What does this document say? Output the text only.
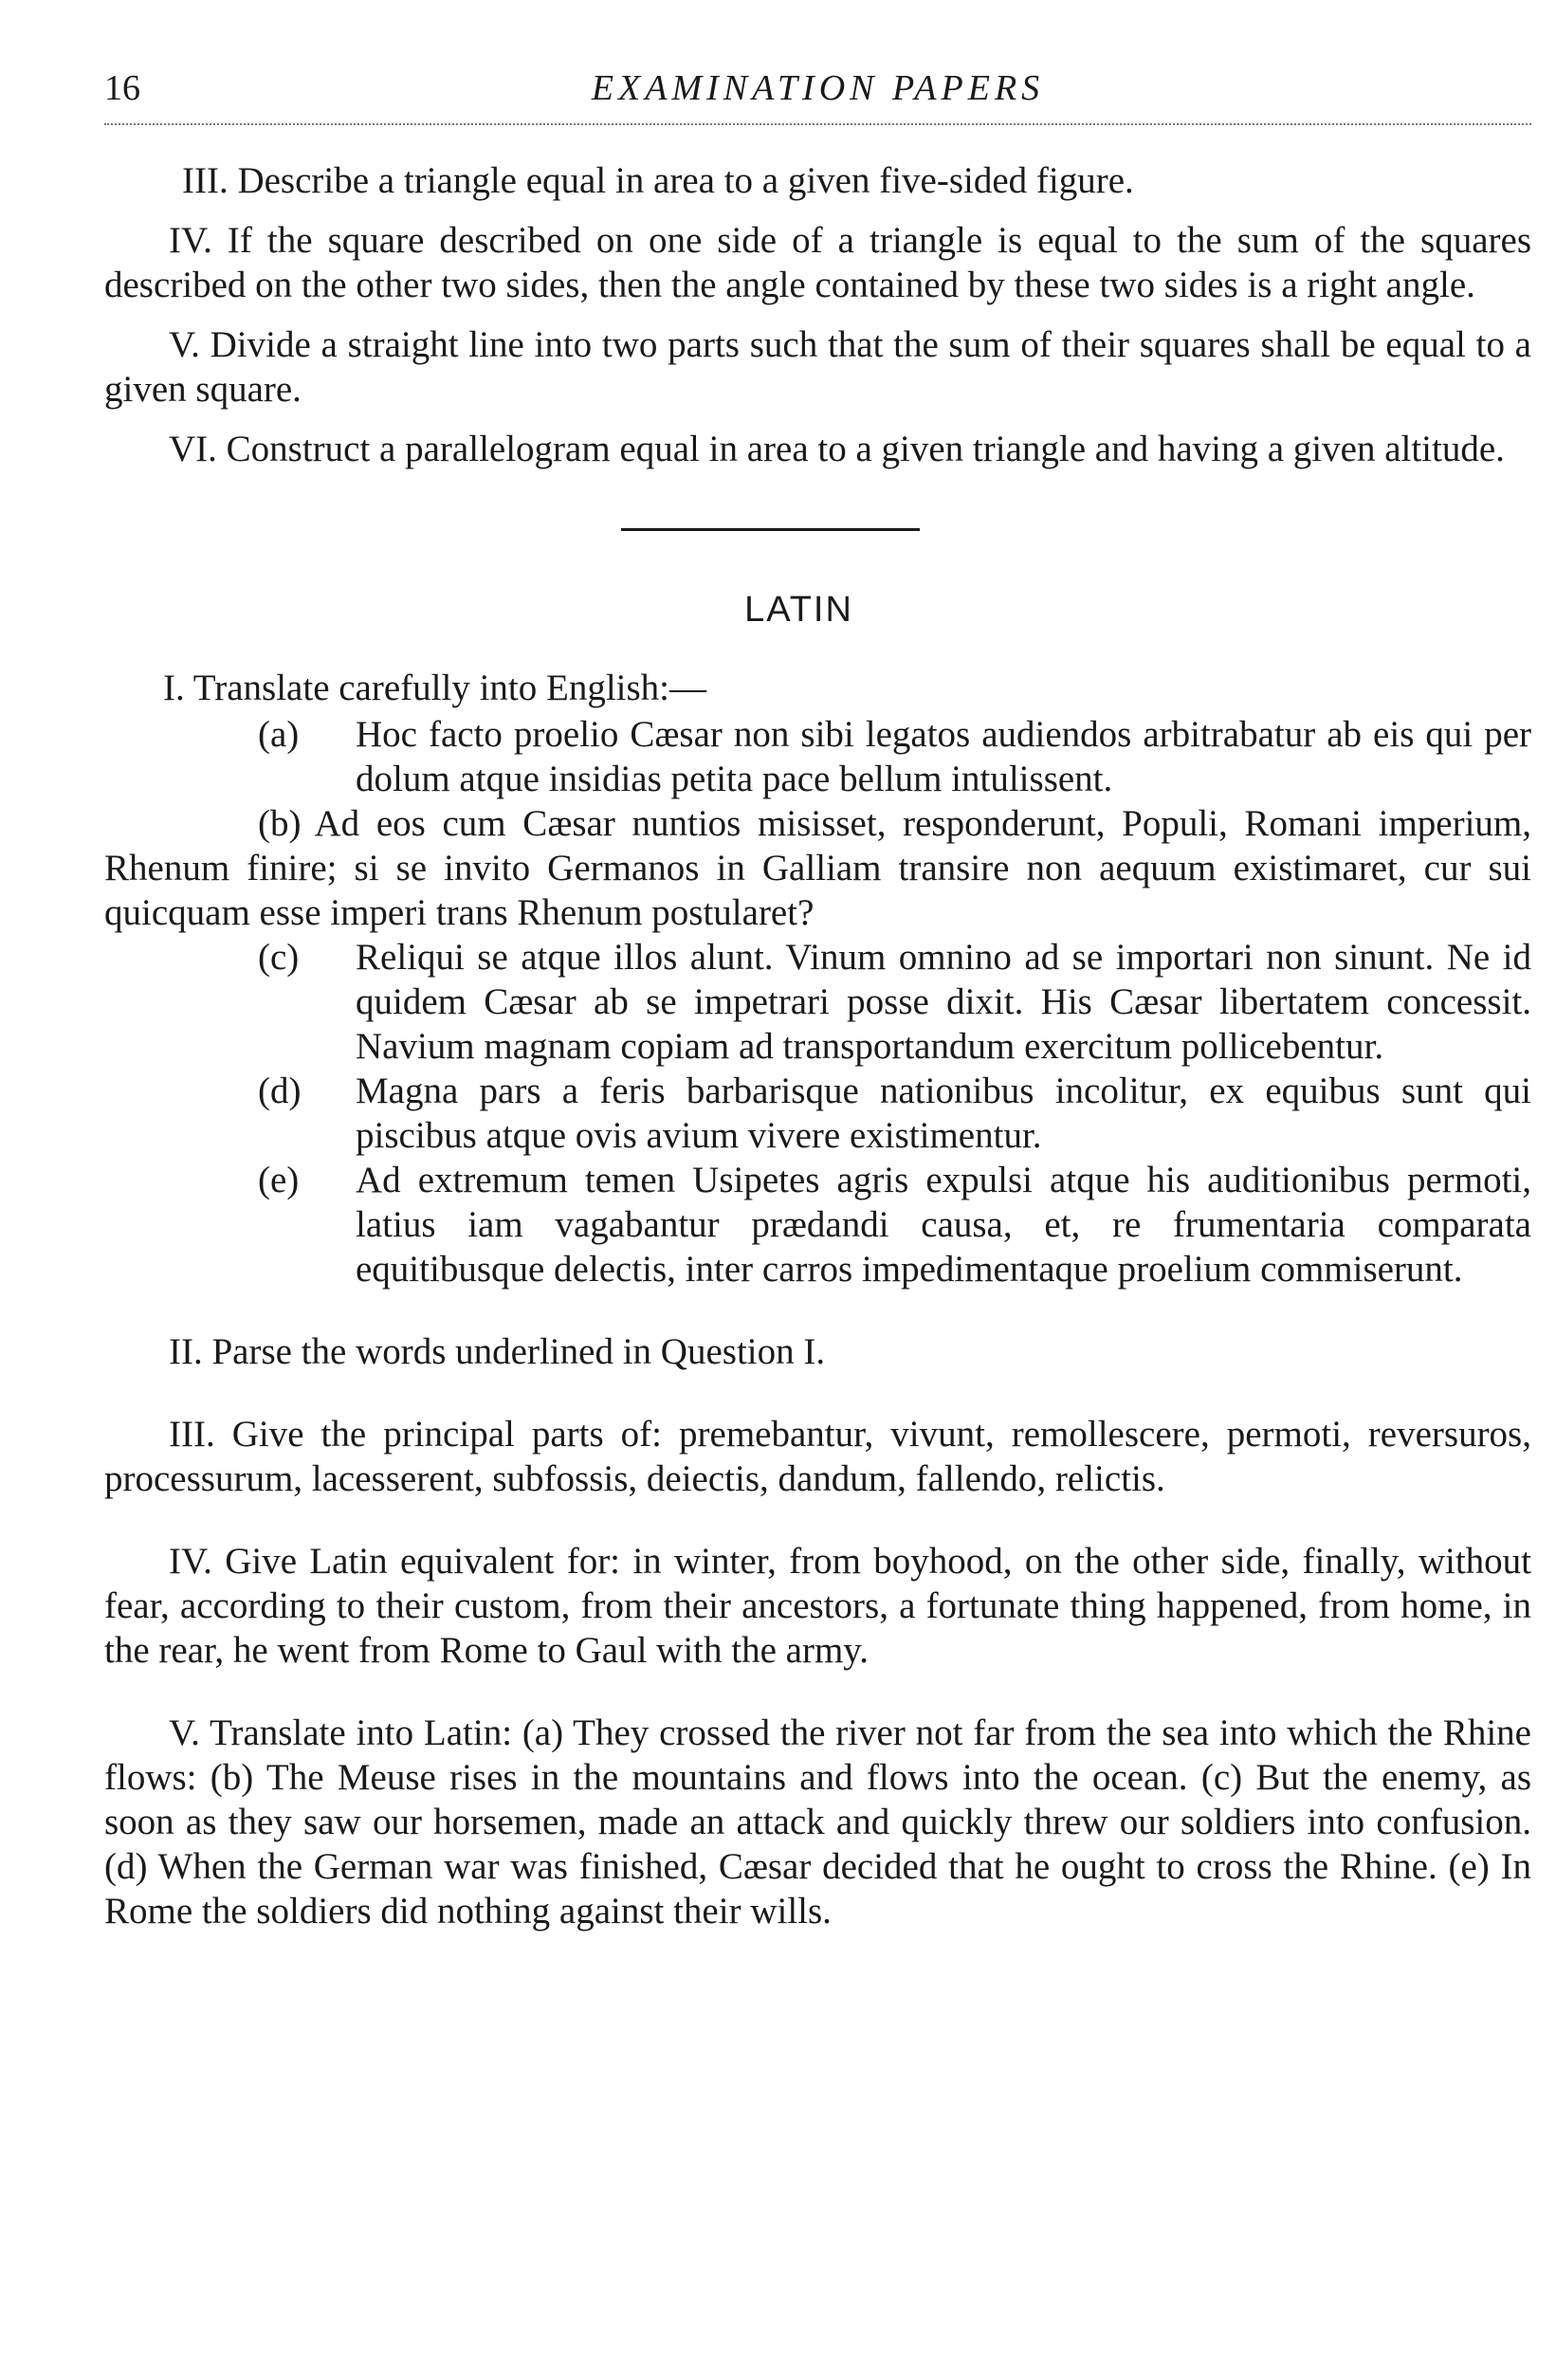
16	EXAMINATION PAPERS

III. Describe a triangle equal in area to a given five-sided figure.

IV. If the square described on one side of a triangle is equal to the sum of the squares described on the other two sides, then the angle contained by these two sides is a right angle.

V. Divide a straight line into two parts such that the sum of their squares shall be equal to a given square.

VI. Construct a parallelogram equal in area to a given triangle and having a given altitude.

LATIN

I. Translate carefully into English:—

(a) Hoc facto proelio Cæsar non sibi legatos audiendos arbitrabatur ab eis qui per dolum atque insidias petita pace bellum intulissent.

(b) Ad eos cum Cæsar nuntios misisset, responderunt, Populi, Romani imperium, Rhenum finire; si se invito Germanos in Galliam transire non aequum existimaret, cur sui quicquam esse imperi trans Rhenum postularet?

(c) Reliqui se atque illos alunt. Vinum omnino ad se importari non sinunt. Ne id quidem Cæsar ab se impetrari posse dixit. His Cæsar libertatem concessit. Navium magnam copiam ad transportandum exercitum pollicebentur.

(d) Magna pars a feris barbarisque nationibus incolitur, ex equibus sunt qui piscibus atque ovis avium vivere existimentur.

(e) Ad extremum temen Usipetes agris expulsi atque his auditionibus permoti, latius iam vagabantur prædandi causa, et, re frumentaria comparata equitibusque delectis, inter carros impedimentaque proelium commiserunt.

II. Parse the words underlined in Question I.

III. Give the principal parts of: premebantur, vivunt, remollescere, permoti, reversuros, processurum, lacesserent, subfossis, deiectis, dandum, fallendo, relictis.

IV. Give Latin equivalent for: in winter, from boyhood, on the other side, finally, without fear, according to their custom, from their ancestors, a fortunate thing happened, from home, in the rear, he went from Rome to Gaul with the army.

V. Translate into Latin: (a) They crossed the river not far from the sea into which the Rhine flows: (b) The Meuse rises in the mountains and flows into the ocean. (c) But the enemy, as soon as they saw our horsemen, made an attack and quickly threw our soldiers into confusion. (d) When the German war was finished, Cæsar decided that he ought to cross the Rhine. (e) In Rome the soldiers did nothing against their wills.
